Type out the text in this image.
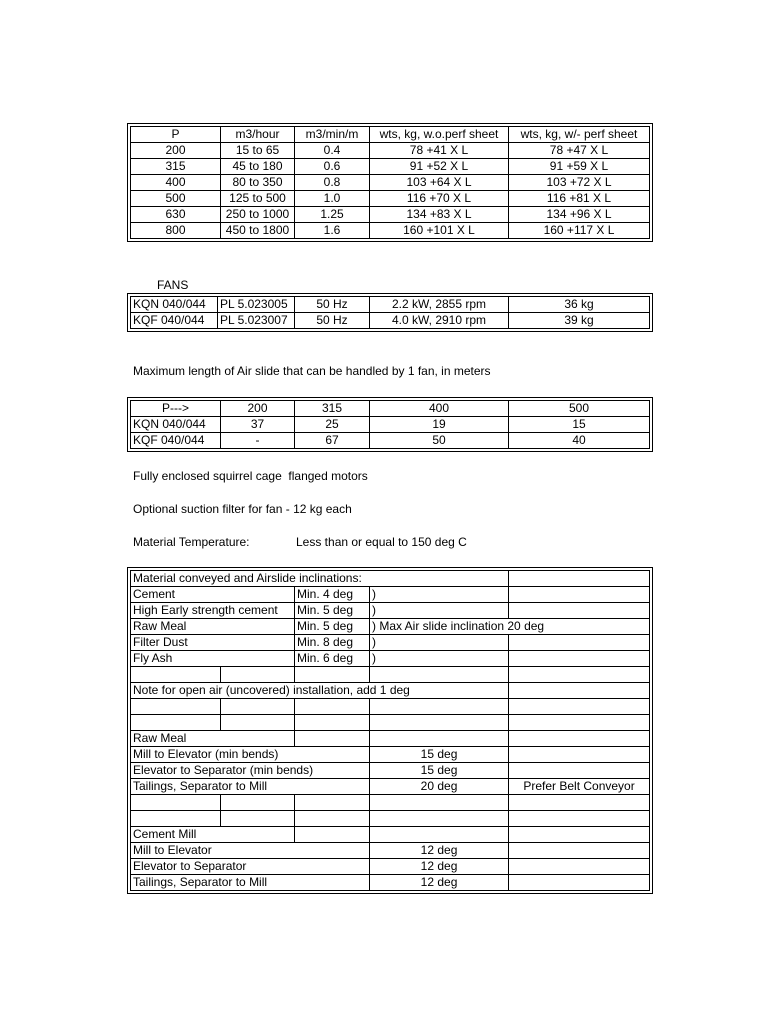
P	m3/hour	m3/min/m	wts, kg, w.o.perf sheet	wts, kg, w/- perf sheet
200	15 to 65	0.4	78 +41 X L	78 +47 X L
315	45 to 180	0.6	91 +52 X L	91 +59 X L
400	80 to 350	0.8	103 +64 X L	103 +72 X L
500	125 to 500	1.0	116 +70 X L	116 +81 X L
630	250 to 1000	1.25	134 +83 X L	134 +96 X L
800	450 to 1800	1.6	160 +101 X L	160 +117 X L
FANS
KQN 040/044	PL 5.023005	50 Hz	2.2 kW, 2855 rpm	36 kg
KQF 040/044	PL 5.023007	50 Hz	4.0 kW, 2910 rpm	39 kg
Maximum length of Air slide that can be handled by 1 fan, in meters
P--->	200	315	400	500
KQN 040/044	37	25	19	15
KQF 040/044	-	67	50	40
Fully enclosed squirrel cage  flanged motors
Optional suction filter for fan - 12 kg each
Material Temperature:	Less than or equal to 150 deg C
Material conveyed and Airslide inclinations:				
Cement		Min. 4 deg	)	
High Early strength cement		Min. 5 deg	)	
Raw Meal		Min. 5 deg	) Max Air slide inclination 20 deg	
Filter Dust		Min. 8 deg	)	
Fly Ash		Min. 6 deg	)	

Note for open air (uncovered) installation, add 1 deg				

Raw Meal				
Mill to Elevator (min bends)			15 deg	
Elevator to Separator (min bends)			15 deg	
Tailings, Separator to Mill			20 deg	Prefer Belt Conveyor

Cement Mill				
Mill to Elevator			12 deg	
Elevator to Separator			12 deg	
Tailings, Separator to Mill			12 deg	
